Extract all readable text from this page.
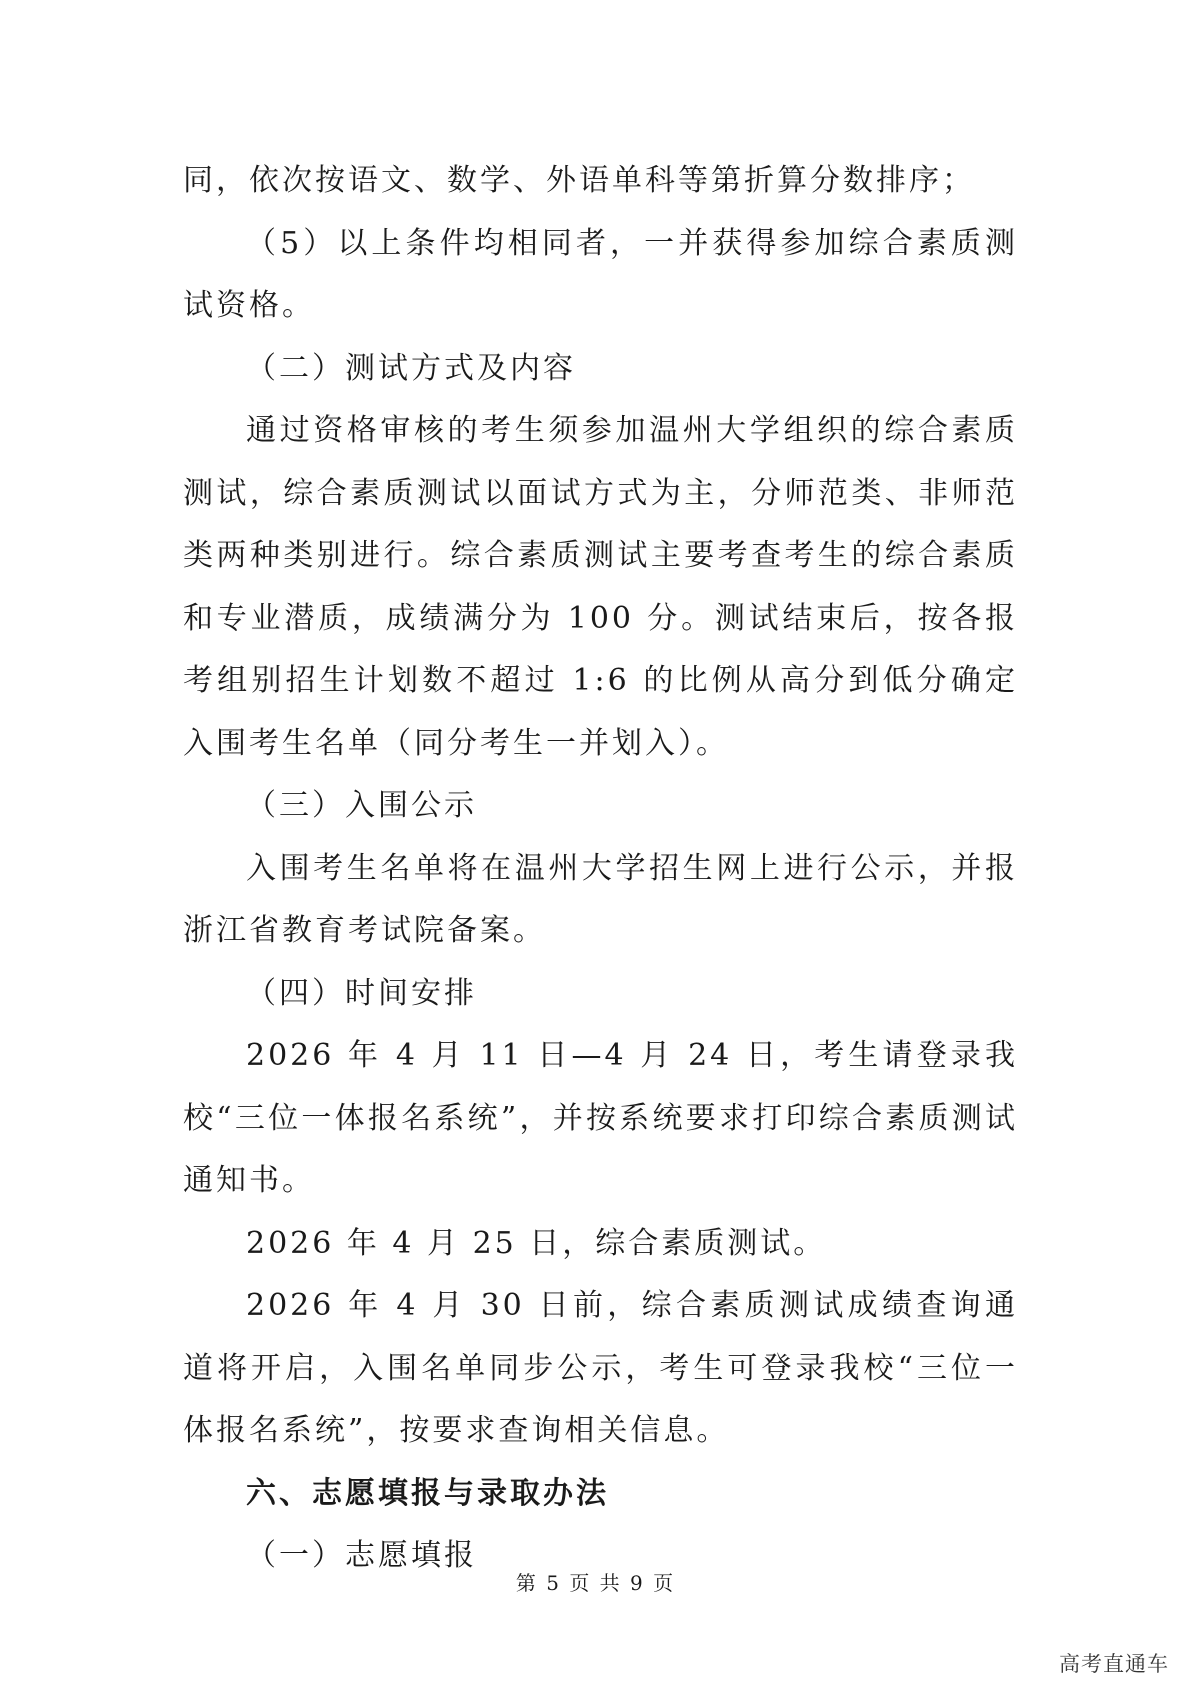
同，依次按语文、数学、外语单科等第折算分数排序；

（5）以上条件均相同者，一并获得参加综合素质测试资格。

（二）测试方式及内容

通过资格审核的考生须参加温州大学组织的综合素质测试，综合素质测试以面试方式为主，分师范类、非师范类两种类别进行。综合素质测试主要考查考生的综合素质和专业潜质，成绩满分为 100 分。测试结束后，按各报考组别招生计划数不超过 1:6 的比例从高分到低分确定入围考生名单（同分考生一并划入）。

（三）入围公示

入围考生名单将在温州大学招生网上进行公示，并报浙江省教育考试院备案。

（四）时间安排

2026 年 4 月 11 日—4 月 24 日，考生请登录我校“三位一体报名系统”，并按系统要求打印综合素质测试通知书。

2026 年 4 月 25 日，综合素质测试。

2026 年 4 月 30 日前，综合素质测试成绩查询通道将开启，入围名单同步公示，考生可登录我校“三位一体报名系统”，按要求查询相关信息。

六、志愿填报与录取办法

（一）志愿填报

第 5 页 共 9 页
高考直通车
